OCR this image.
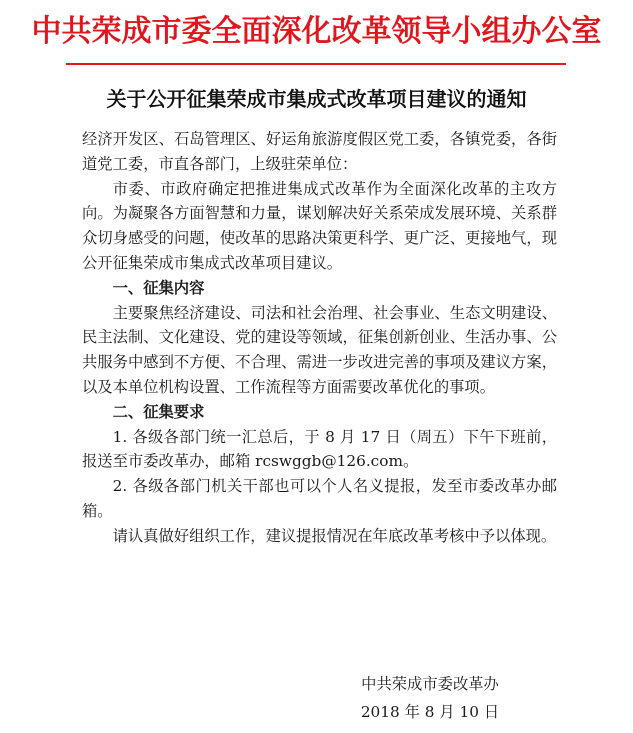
中共荣成市委全面深化改革领导小组办公室
关于公开征集荣成市集成式改革项目建议的通知

经济开发区、石岛管理区、好运角旅游度假区党工委，各镇党委，各街道党工委，市直各部门，上级驻荣单位：

市委、市政府确定把推进集成式改革作为全面深化改革的主攻方向。为凝聚各方面智慧和力量，谋划解决好关系荣成发展环境、关系群众切身感受的问题，使改革的思路决策更科学、更广泛、更接地气，现公开征集荣成市集成式改革项目建议。

一、征集内容

主要聚焦经济建设、司法和社会治理、社会事业、生态文明建设、民主法制、文化建设、党的建设等领域，征集创新创业、生活办事、公共服务中感到不方便、不合理、需进一步改进完善的事项及建议方案，以及本单位机构设置、工作流程等方面需要改革优化的事项。

二、征集要求

1. 各级各部门统一汇总后，于 8 月 17 日（周五）下午下班前，报送至市委改革办，邮箱 rcswggb@126.com。

2. 各级各部门机关干部也可以个人名义提报，发至市委改革办邮箱。

请认真做好组织工作，建议提报情况在年底改革考核中予以体现。

中共荣成市委改革办
2018 年 8 月 10 日
